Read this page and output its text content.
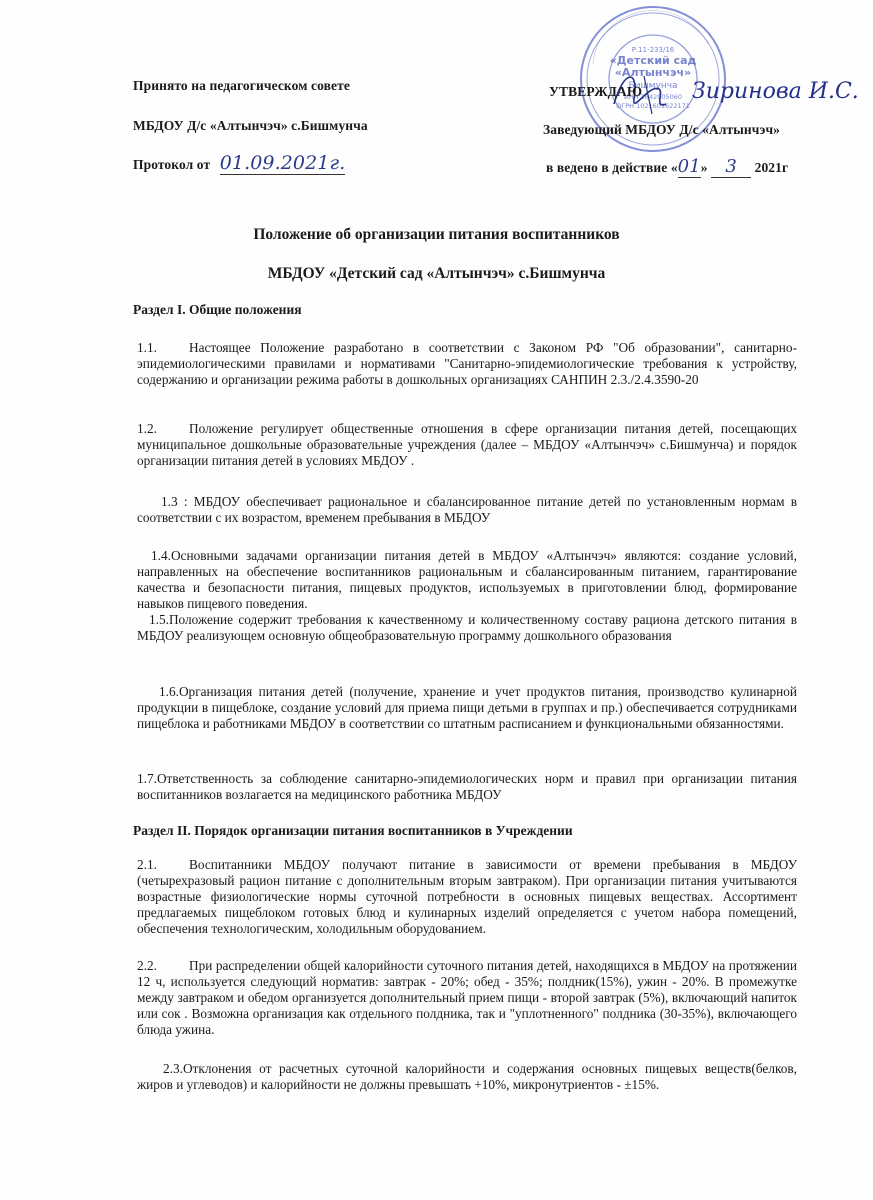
Р.11-233/16
«Детский сад
«Алтынчэч»
Бишмунча
ИНН 1642005060
ОГРН 1021601622171
Зиринова И.С.
Принято на педагогическом совете
МБДОУ Д/с «Алтынчэч» с.Бишмунча
Протокол от 01.09.2021г.
УТВЕРЖДАЮ
Заведующий МБДОУ Д/с «Алтынчэч»
в ведено в действие «01» 3 2021г
Положение об организации питания воспитанников
МБДОУ «Детский сад «Алтынчэч» с.Бишмунча
Раздел I. Общие положения
1.1. Настоящее Положение разработано в соответствии с Законом РФ "Об образовании", санитарно-эпидемиологическими правилами и нормативами "Санитарно-эпидемиологические требования к устройству, содержанию и организации режима работы в дошкольных организациях САНПИН 2.3./2.4.3590-20
1.2. Положение регулирует общественные отношения в сфере организации питания детей, посещающих муниципальное дошкольные образовательные учреждения (далее – МБДОУ «Алтынчэч» с.Бишмунча) и порядок организации питания детей в условиях МБДОУ .
1.3 : МБДОУ обеспечивает рациональное и сбалансированное питание детей по установленным нормам в соответствии с их возрастом, временем пребывания в МБДОУ
1.4.Основными задачами организации питания детей в МБДОУ «Алтынчэч» являются: создание условий, направленных на обеспечение воспитанников рациональным и сбалансированным питанием, гарантирование качества и безопасности питания, пищевых продуктов, используемых в приготовлении блюд, формирование навыков пищевого поведения.
1.5.Положение содержит требования к качественному и количественному составу рациона детского питания в МБДОУ реализующем основную общеобразовательную программу дошкольного образования
1.6.Организация питания детей (получение, хранение и учет продуктов питания, производство кулинарной продукции в пищеблоке, создание условий для приема пищи детьми в группах и пр.) обеспечивается сотрудниками пищеблока и работниками МБДОУ в соответствии со штатным расписанием и функциональными обязанностями.
1.7.Ответственность за соблюдение санитарно-эпидемиологических норм и правил при организации питания воспитанников возлагается на медицинского работника МБДОУ
Раздел II. Порядок организации питания воспитанников в Учреждении
2.1. Воспитанники МБДОУ получают питание в зависимости от времени пребывания в МБДОУ (четырехразовый рацион питание с дополнительным вторым завтраком). При организации питания учитываются возрастные физиологические нормы суточной потребности в основных пищевых веществах. Ассортимент предлагаемых пищеблоком готовых блюд и кулинарных изделий определяется с учетом набора помещений, обеспечения технологическим, холодильным оборудованием.
2.2. При распределении общей калорийности суточного питания детей, находящихся в МБДОУ на протяжении 12 ч, используется следующий норматив: завтрак - 20%; обед - 35%; полдник(15%), ужин - 20%. В промежутке между завтраком и обедом организуется дополнительный прием пищи - второй завтрак (5%), включающий напиток или сок . Возможна организация как отдельного полдника, так и "уплотненного" полдника (30-35%), включающего блюда ужина.
2.3.Отклонения от расчетных суточной калорийности и содержания основных пищевых веществ(белков, жиров и углеводов) и калорийности не должны превышать +10%, микронутриентов - ±15%.
